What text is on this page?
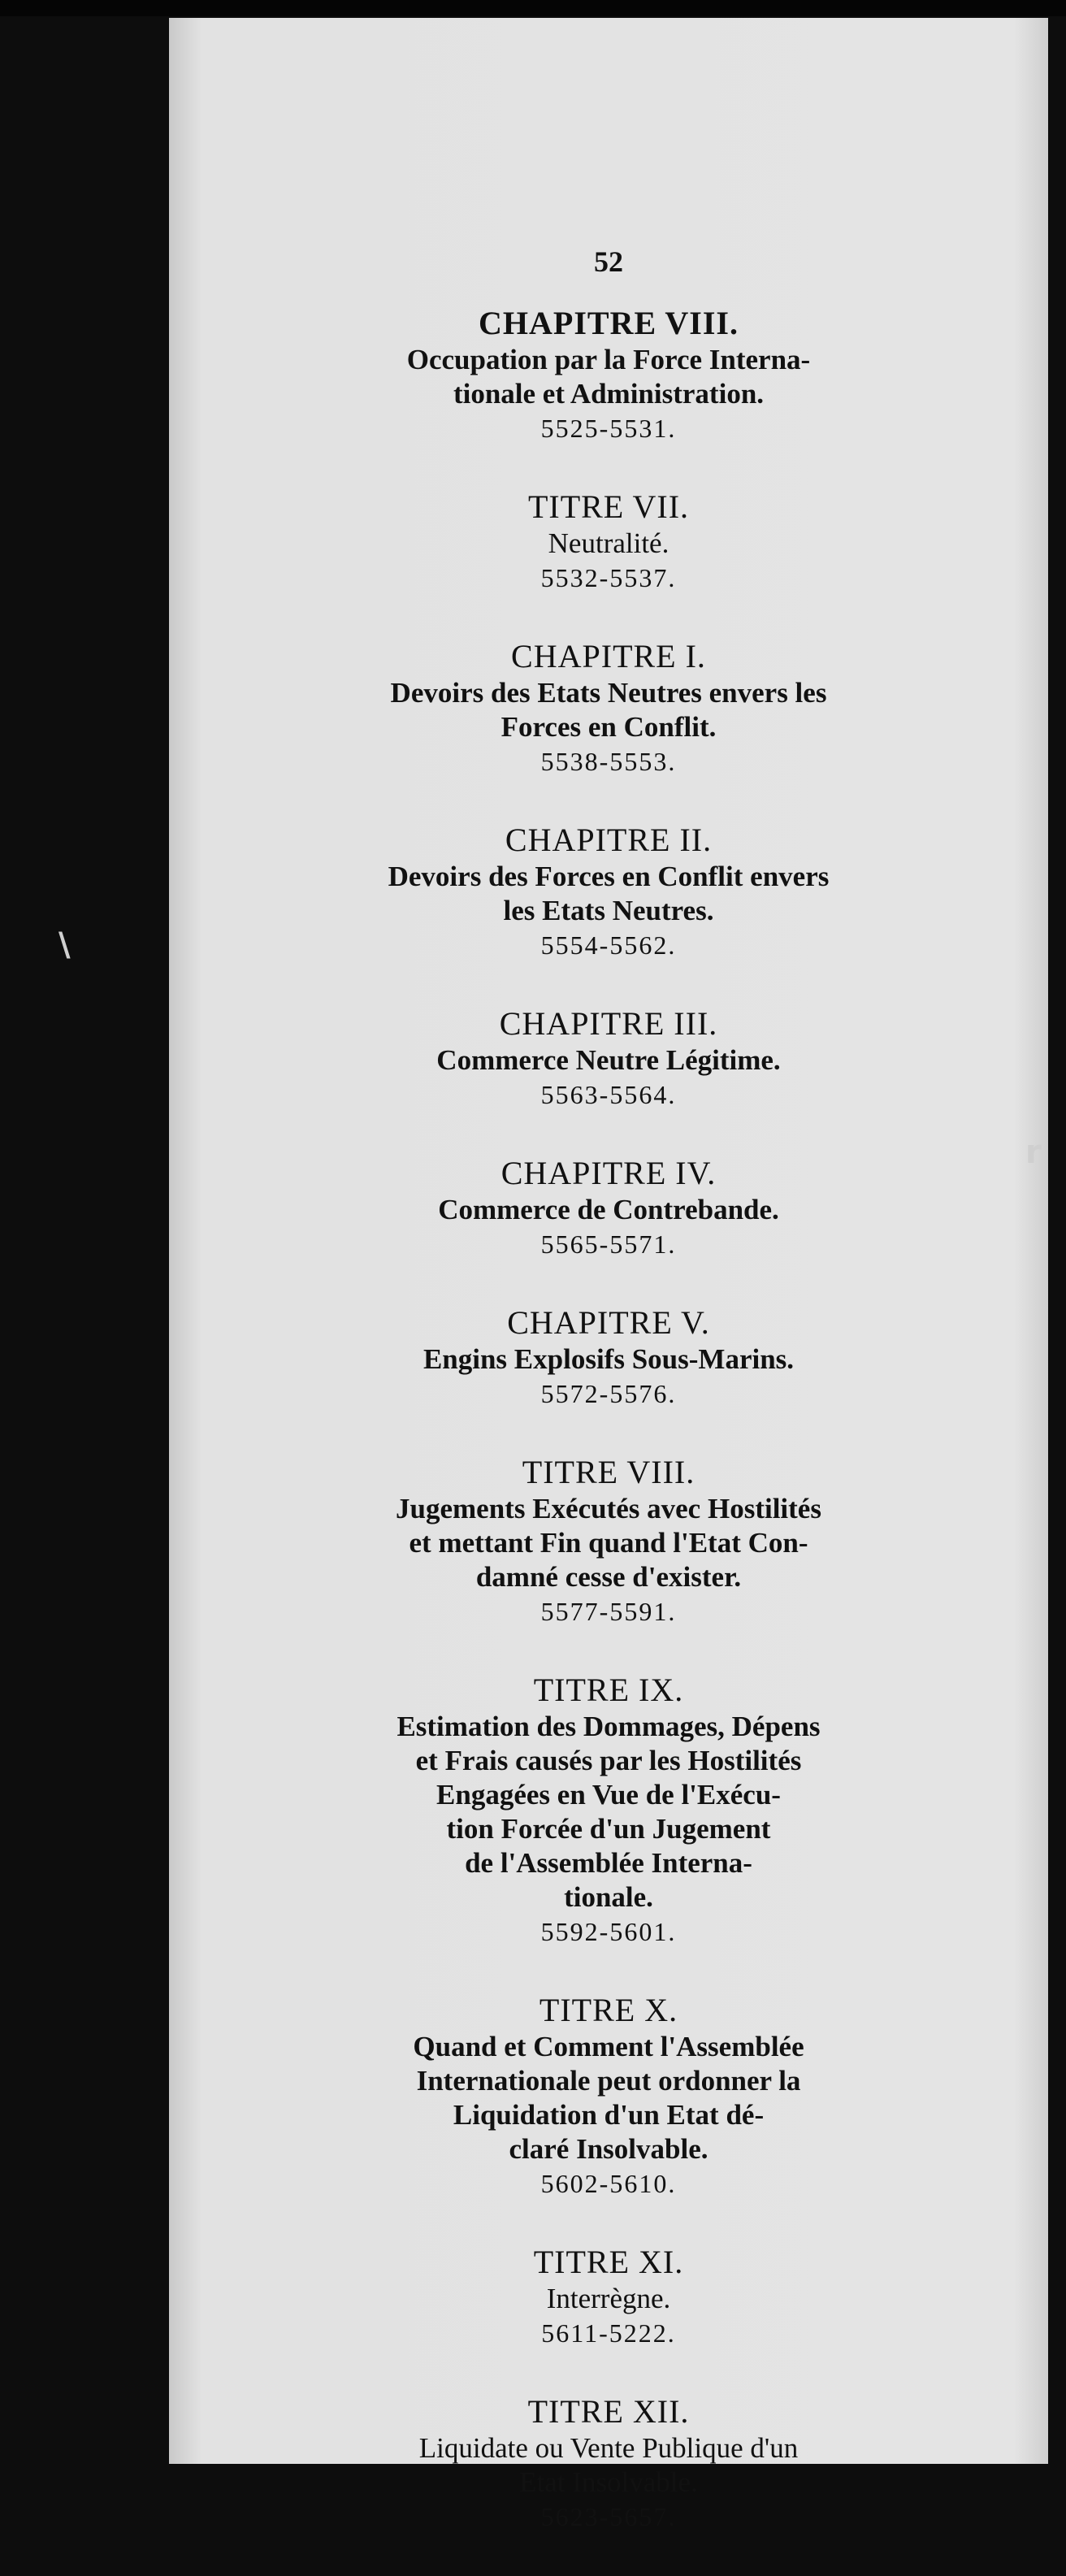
\
r
52
CHAPITRE VIII.
Occupation par la Force Interna-
tionale et Administration.
5525-5531.
TITRE VII.
Neutralité.
5532-5537.
CHAPITRE I.
Devoirs des Etats Neutres envers les
Forces en Conflit.
5538-5553.
CHAPITRE II.
Devoirs des Forces en Conflit envers
les Etats Neutres.
5554-5562.
CHAPITRE III.
Commerce Neutre Légitime.
5563-5564.
CHAPITRE IV.
Commerce de Contrebande.
5565-5571.
CHAPITRE V.
Engins Explosifs Sous-Marins.
5572-5576.
TITRE VIII.
Jugements Exécutés avec Hostilités
et mettant Fin quand l'Etat Con-
damné cesse d'exister.
5577-5591.
TITRE IX.
Estimation des Dommages, Dépens
et Frais causés par les Hostilités
Engagées en Vue de l'Exécu-
tion Forcée d'un Jugement
de l'Assemblée Interna-
tionale.
5592-5601.
TITRE X.
Quand et Comment l'Assemblée
Internationale peut ordonner la
Liquidation d'un Etat dé-
claré Insolvable.
5602-5610.
TITRE XI.
Interrègne.
5611-5222.
TITRE XII.
Liquidate ou Vente Publique d'un
Etat Insolvable.
5623-5657.
